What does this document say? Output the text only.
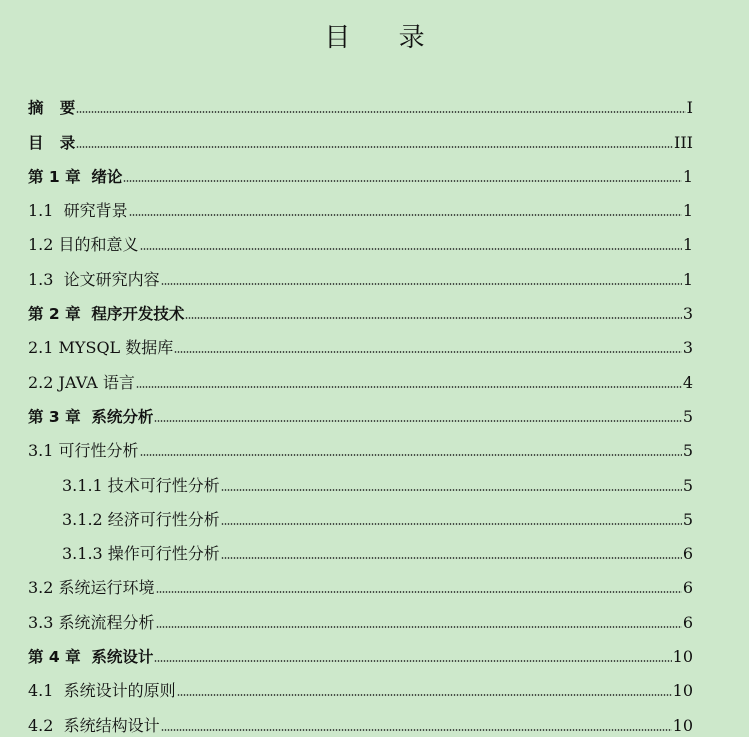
目 录
摘   要	I
目   录	III
第 1 章  绪论	1
1.1  研究背景	1
1.2 目的和意义	1
1.3  论文研究内容	1
第 2 章  程序开发技术	3
2.1 MYSQL 数据库	3
2.2 JAVA 语言	4
第 3 章  系统分析	5
3.1 可行性分析	5
3.1.1 技术可行性分析	5
3.1.2 经济可行性分析	5
3.1.3 操作可行性分析	6
3.2 系统运行环境	6
3.3 系统流程分析	6
第 4 章  系统设计	10
4.1  系统设计的原则	10
4.2  系统结构设计	10
